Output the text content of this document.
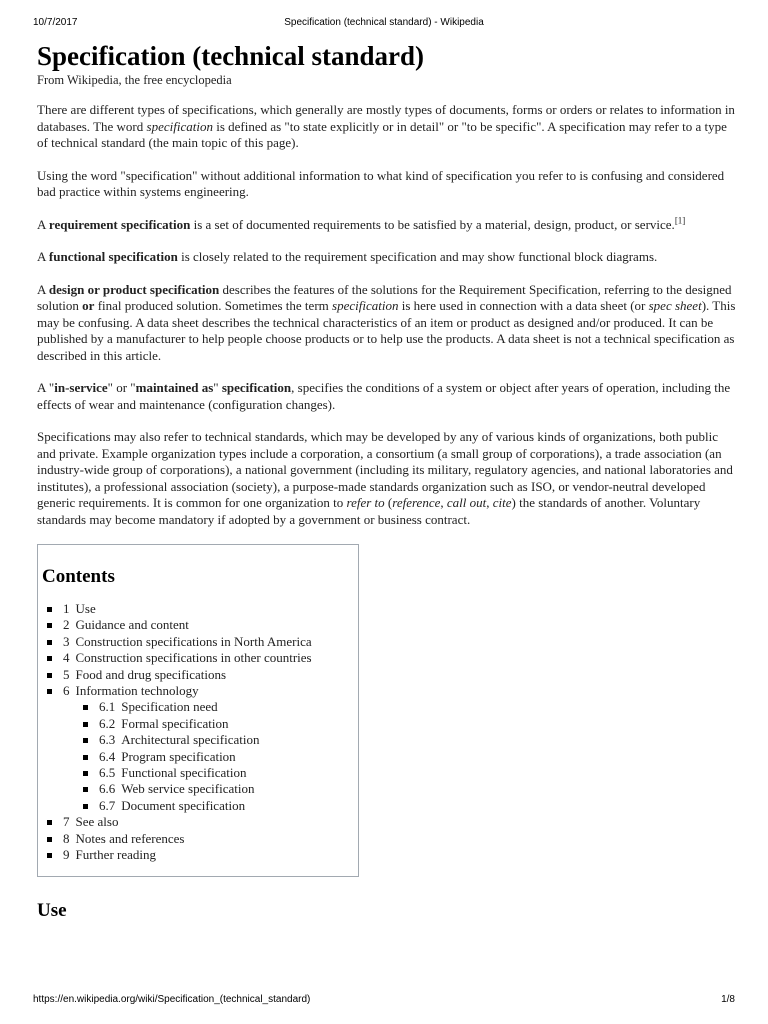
10/7/2017	Specification (technical standard) - Wikipedia
Specification (technical standard)
From Wikipedia, the free encyclopedia

There are different types of specifications, which generally are mostly types of documents, forms or orders or relates to information in databases. The word specification is defined as "to state explicitly or in detail" or "to be specific". A specification may refer to a type of technical standard (the main topic of this page).

Using the word "specification" without additional information to what kind of specification you refer to is confusing and considered bad practice within systems engineering.

A requirement specification is a set of documented requirements to be satisfied by a material, design, product, or service.[1]

A functional specification is closely related to the requirement specification and may show functional block diagrams.

A design or product specification describes the features of the solutions for the Requirement Specification, referring to the designed solution or final produced solution. Sometimes the term specification is here used in connection with a data sheet (or spec sheet). This may be confusing. A data sheet describes the technical characteristics of an item or product as designed and/or produced. It can be published by a manufacturer to help people choose products or to help use the products. A data sheet is not a technical specification as described in this article.

A "in-service" or "maintained as" specification, specifies the conditions of a system or object after years of operation, including the effects of wear and maintenance (configuration changes).

Specifications may also refer to technical standards, which may be developed by any of various kinds of organizations, both public and private. Example organization types include a corporation, a consortium (a small group of corporations), a trade association (an industry-wide group of corporations), a national government (including its military, regulatory agencies, and national laboratories and institutes), a professional association (society), a purpose-made standards organization such as ISO, or vendor-neutral developed generic requirements. It is common for one organization to refer to (reference, call out, cite) the standards of another. Voluntary standards may become mandatory if adopted by a government or business contract.

Contents
1 Use
2 Guidance and content
3 Construction specifications in North America
4 Construction specifications in other countries
5 Food and drug specifications
6 Information technology
6.1 Specification need
6.2 Formal specification
6.3 Architectural specification
6.4 Program specification
6.5 Functional specification
6.6 Web service specification
6.7 Document specification
7 See also
8 Notes and references
9 Further reading
Use
https://en.wikipedia.org/wiki/Specification_(technical_standard)	1/8
